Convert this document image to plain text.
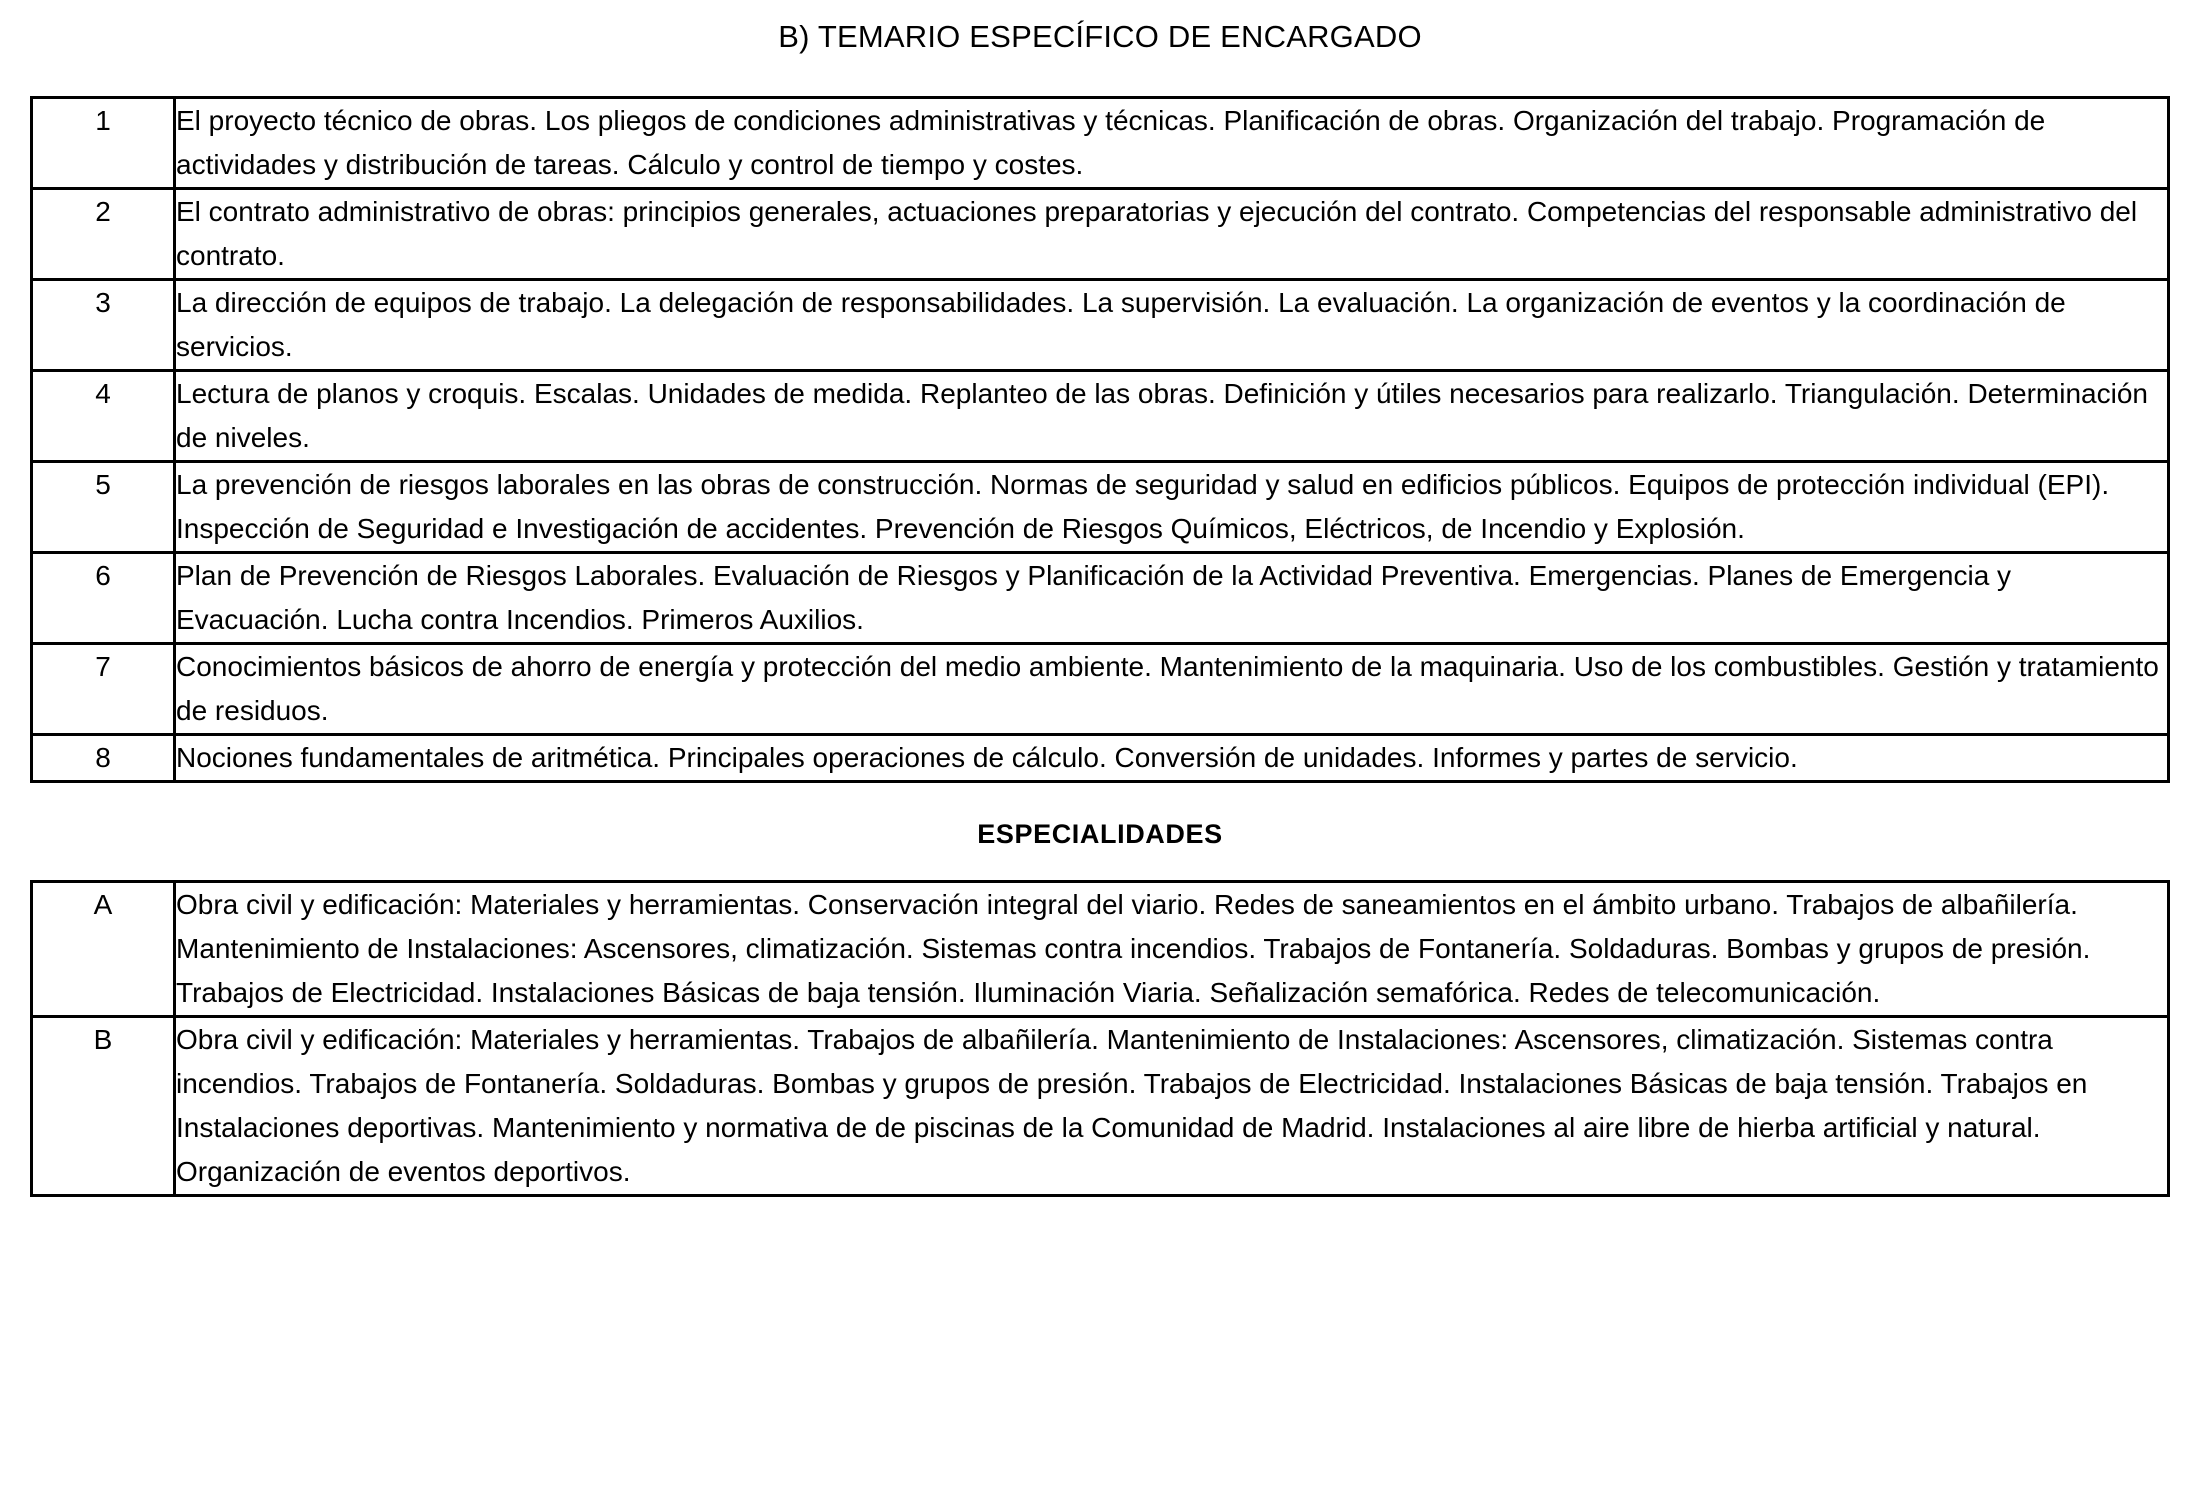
B) TEMARIO ESPECÍFICO DE ENCARGADO
1	El proyecto técnico de obras. Los pliegos de condiciones administrativas y técnicas. Planificación de obras. Organización del trabajo. Programación de actividades y distribución de tareas. Cálculo y control de tiempo y costes.
2	El contrato administrativo de obras: principios generales, actuaciones preparatorias y ejecución del contrato. Competencias del responsable administrativo del contrato.
3	La dirección de equipos de trabajo. La delegación de responsabilidades. La supervisión. La evaluación. La organización de eventos y la coordinación de servicios.
4	Lectura de planos y croquis. Escalas. Unidades de medida. Replanteo de las obras. Definición y útiles necesarios para realizarlo. Triangulación. Determinación de niveles.
5	La prevención de riesgos laborales en las obras de construcción. Normas de seguridad y salud en edificios públicos. Equipos de protección individual (EPI). Inspección de Seguridad e Investigación de accidentes. Prevención de Riesgos Químicos, Eléctricos, de Incendio y Explosión.
6	Plan de Prevención de Riesgos Laborales. Evaluación de Riesgos y Planificación de la Actividad Preventiva. Emergencias. Planes de Emergencia y Evacuación. Lucha contra Incendios. Primeros Auxilios.
7	Conocimientos básicos de ahorro de energía y protección del medio ambiente. Mantenimiento de la maquinaria. Uso de los combustibles. Gestión y tratamiento de residuos.
8	Nociones fundamentales de aritmética. Principales operaciones de cálculo. Conversión de unidades. Informes y partes de servicio.
ESPECIALIDADES
A	Obra civil y edificación: Materiales y herramientas. Conservación integral del viario. Redes de saneamientos en el ámbito urbano. Trabajos de albañilería. Mantenimiento de Instalaciones: Ascensores, climatización. Sistemas contra incendios. Trabajos de Fontanería. Soldaduras. Bombas y grupos de presión. Trabajos de Electricidad. Instalaciones Básicas de baja tensión. Iluminación Viaria. Señalización semafórica. Redes de telecomunicación.
B	Obra civil y edificación: Materiales y herramientas. Trabajos de albañilería. Mantenimiento de Instalaciones: Ascensores, climatización. Sistemas contra incendios. Trabajos de Fontanería. Soldaduras. Bombas y grupos de presión. Trabajos de Electricidad. Instalaciones Básicas de baja tensión. Trabajos en Instalaciones deportivas. Mantenimiento y normativa de de piscinas de la Comunidad de Madrid. Instalaciones al aire libre de hierba artificial y natural. Organización de eventos deportivos.
